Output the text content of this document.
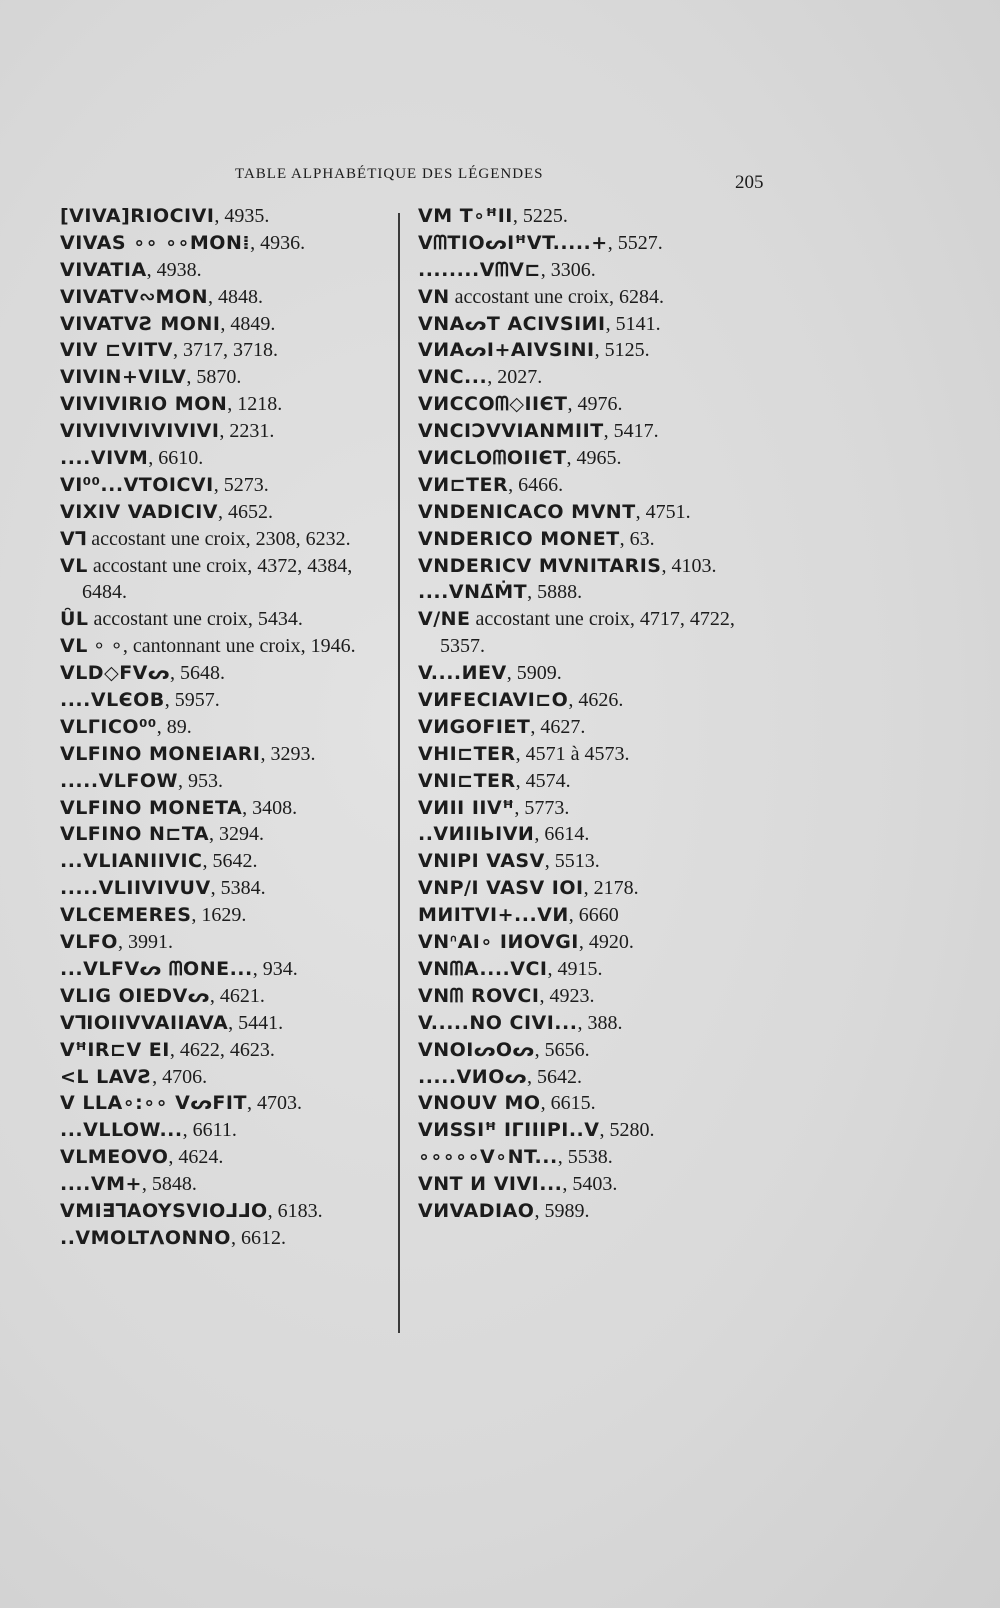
TABLE ALPHABÉTIQUE DES LÉGENDES	205
[VIVA]RIOCIVI, 4935.
VIVAS ∘∘ ∘∘MON⁞, 4936.
VIVATIA, 4938.
VIVATV∾MON, 4848.
VIVATVƧ MONI, 4849.
VIV ⊏VITV, 3717, 3718.
VIVIN+VILV, 5870.
VIVIVIRIO MON, 1218.
VIVIVIVIVIVIVI, 2231.
....VIVM, 6610.
VI⁰⁰...VTOICVI, 5273.
VIXIV VADICIV, 4652.
V⅂ accostant une croix, 2308, 6232.
VL accostant une croix, 4372, 4384,
6484.
ȖL accostant une croix, 5434.
VL ∘ ∘, cantonnant une croix, 1946.
VLD◇FVᔕ, 5648.
....VLЄOB, 5957.
VLΓICO⁰⁰, 89.
VLFINO MONEIARI, 3293.
.....VLFOW, 953.
VLFINO MONETA, 3408.
VLFINO N⊏TA, 3294.
...VLIANIIVIC, 5642.
.....VLIIVIVUV, 5384.
VLCEMERES, 1629.
VLFO, 3991.
...VLFVᔕ ᗰONE..., 934.
VLIG OIEDVᔕ, 4621.
V⅂IOIIVVAIIAVA, 5441.
VꟸIR⊏V EI, 4622, 4623.
<L LAVƧ, 4706.
V LLA∘:∘∘ VᔕFIT, 4703.
...VLLOW..., 6611.
VLMEOVO, 4624.
....VM+, 5848.
VMI∃⅂AOYSVIO⅃⅃O, 6183.
..VMOLTΛONNO, 6612.
VM T∘ꟸII, 5225.
VᗰTIOᔕIꟸVT.....+, 5527.
........VᗰV⊏, 3306.
VN accostant une croix, 6284.
VNAᔕT ACIVSIИI, 5141.
VИAᔕI+AIVSINI, 5125.
VNC..., 2027.
VИCCOᗰ◇IIЄT, 4976.
VNCIƆVVIANMIIT, 5417.
VИCLOᗰOIIЄT, 4965.
VИ⊏TER, 6466.
VNDENICACO MVNT, 4751.
VNDERICO MONET, 63.
VNDERICV MVNITARIS, 4103.
....VN∆̄ṀT, 5888.
V/NE accostant une croix, 4717, 4722,
5357.
V....ИEV, 5909.
VИFECIAVI⊏O, 4626.
VИGOFIET, 4627.
VHI⊏TER, 4571 à 4573.
VNI⊏TER, 4574.
VИII IIVꟸ, 5773.
..VИIIЬIVИ, 6614.
VNIPI VASV, 5513.
VNP/I VASV IOI, 2178.
MИITVI+...VИ, 6660
VNᐢAI∘ IИOVGI, 4920.
VNᗰA....VCI, 4915.
VNᗰ ROVCI, 4923.
V.....NO CIVI..., 388.
VNOIᔕOᔕ, 5656.
.....VИOᔕ, 5642.
VNOUV MO, 6615.
VИSSIꟸ IΓIIIPI..V, 5280.
∘∘∘∘∘V∘NT..., 5538.
VNT И VIVI..., 5403.
VИVADIAO, 5989.
